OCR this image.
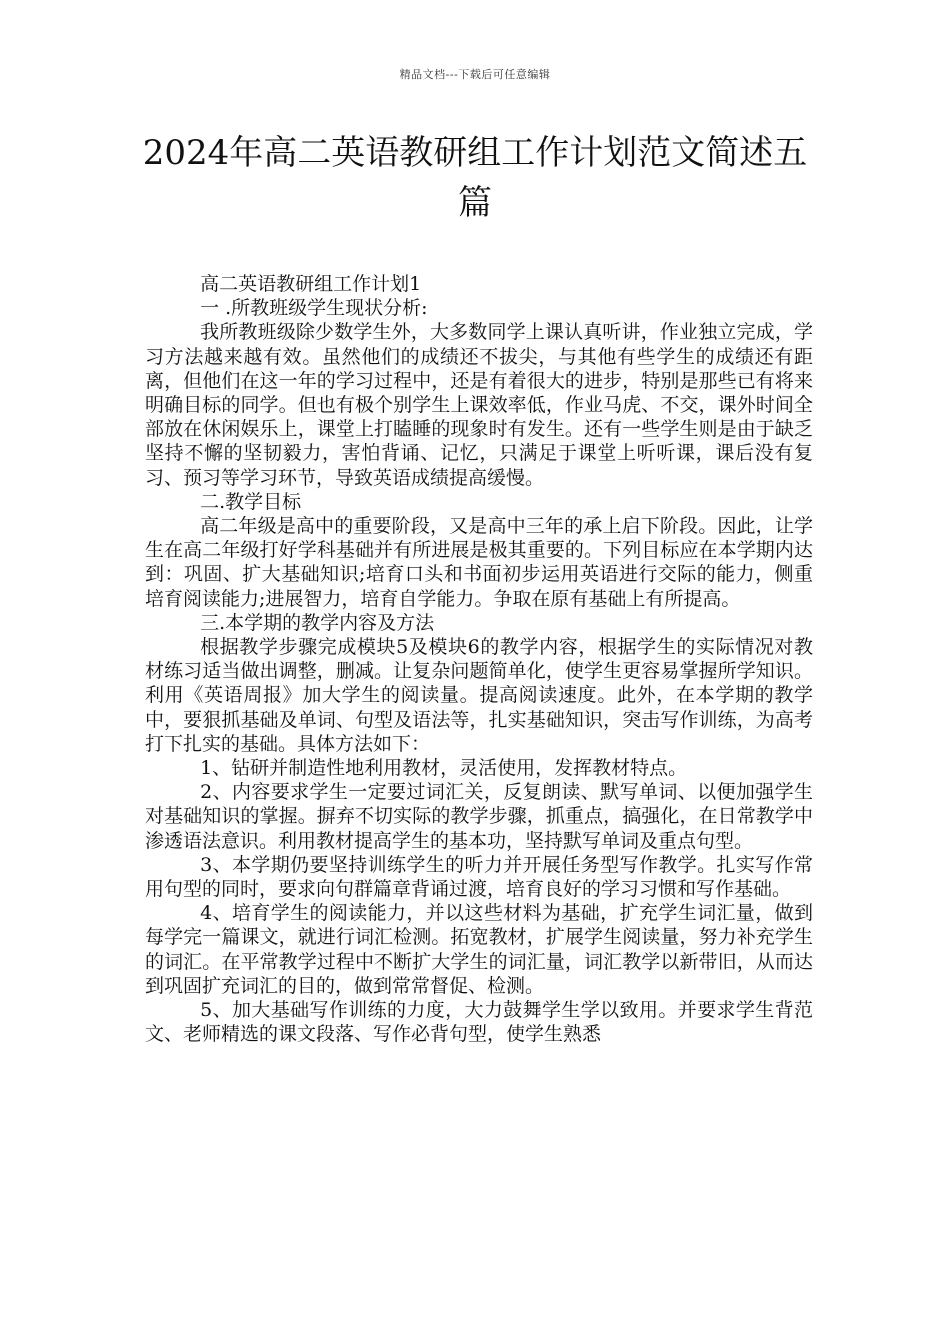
精品文档---下载后可任意编辑
2024年高二英语教研组工作计划范文简述五篇

高二英语教研组工作计划1

一 .所教班级学生现状分析:

我所教班级除少数学生外，大多数同学上课认真听讲，作业独立完成，学习方法越来越有效。虽然他们的成绩还不拔尖，与其他有些学生的成绩还有距离，但他们在这一年的学习过程中，还是有着很大的进步，特别是那些已有将来明确目标的同学。但也有极个别学生上课效率低，作业马虎、不交，课外时间全部放在休闲娱乐上，课堂上打瞌睡的现象时有发生。还有一些学生则是由于缺乏坚持不懈的坚韧毅力，害怕背诵、记忆，只满足于课堂上听听课，课后没有复习、预习等学习环节，导致英语成绩提高缓慢。

二.教学目标

高二年级是高中的重要阶段，又是高中三年的承上启下阶段。因此，让学生在高二年级打好学科基础并有所进展是极其重要的。下列目标应在本学期内达到：巩固、扩大基础知识;培育口头和书面初步运用英语进行交际的能力，侧重培育阅读能力;进展智力，培育自学能力。争取在原有基础上有所提高。

三.本学期的教学内容及方法

根据教学步骤完成模块5及模块6的教学内容，根据学生的实际情况对教材练习适当做出调整，删减。让复杂问题简单化，使学生更容易掌握所学知识。利用《英语周报》加大学生的阅读量。提高阅读速度。此外，在本学期的教学中，要狠抓基础及单词、句型及语法等，扎实基础知识，突击写作训练，为高考打下扎实的基础。具体方法如下：

1、钻研并制造性地利用教材，灵活使用，发挥教材特点。

2、内容要求学生一定要过词汇关，反复朗读、默写单词、以便加强学生对基础知识的掌握。摒弃不切实际的教学步骤，抓重点，搞强化，在日常教学中渗透语法意识。利用教材提高学生的基本功，坚持默写单词及重点句型。

3、本学期仍要坚持训练学生的听力并开展任务型写作教学。扎实写作常用句型的同时，要求向句群篇章背诵过渡，培育良好的学习习惯和写作基础。

4、培育学生的阅读能力，并以这些材料为基础，扩充学生词汇量，做到每学完一篇课文，就进行词汇检测。拓宽教材，扩展学生阅读量，努力补充学生的词汇。在平常教学过程中不断扩大学生的词汇量，词汇教学以新带旧，从而达到巩固扩充词汇的目的，做到常常督促、检测。

5、加大基础写作训练的力度，大力鼓舞学生学以致用。并要求学生背范文、老师精选的课文段落、写作必背句型，使学生熟悉
